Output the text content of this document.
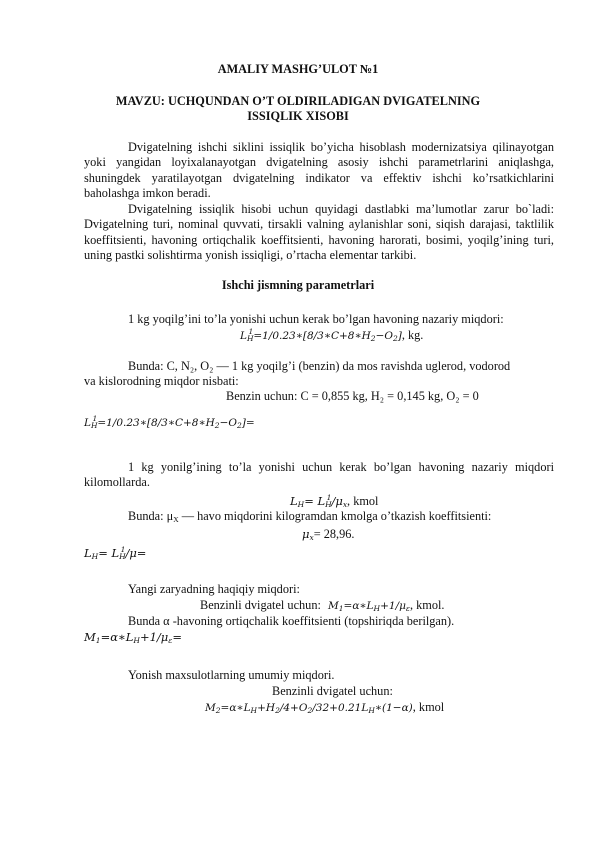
AMALIY MASHG’ULOT №1
MAVZU: UCHQUNDAN O’T OLDIRILADIGAN DVIGATELNING
ISSIQLIK XISOBI
Dvigatelning ishchi siklini issiqlik bo’yicha hisoblash modernizatsiya qilinayotgan yoki yangidan loyixalanayotgan dvigatelning asosiy ishchi parametrlarini aniqlashga, shuningdek yaratilayotgan dvigatelning indikator va effektiv ishchi ko’rsatkichlarini baholashga imkon beradi.
Dvigatelning issiqlik hisobi uchun quyidagi dastlabki ma’lumotlar zarur bo`ladi: Dvigatelning turi, nominal quvvati, tirsakli valning aylanishlar soni, siqish darajasi, taktlilik koeffitsienti, havoning ortiqchalik koeffitsienti, havoning harorati, bosimi, yoqilg’ining turi, uning pastki solishtirma yonish issiqligi, o’rtacha elementar tarkibi.
Ishchi jismning parametrlari
1 kg yoqilg’ini to’la yonishi uchun kerak bo’lgan havoning nazariy miqdori:
$L_H^1=1/0.23∗[8/3∗C+8∗H_2-O_2]$, kg.
Bunda: C, N₂, O₂ — 1 kg yoqilg’i (benzin) da mos ravishda uglerod, vodorod
va kislorodning miqdor nisbati:
Benzin uchun: C = 0,855 kg, H₂ = 0,145 kg, O₂ = 0
$L_H^1=1/0.23∗[8/3∗C+8∗H_2-O_2]=$
1 kg yonilg’ining to’la yonishi uchun kerak bo’lgan havoning nazariy miqdori kilomollarda.
$L_H= L_H^1/\mu_x$, kmol
Bunda: $\mu_X$ — havo miqdorini kilogramdan kmolga o’tkazish koeffitsienti:
$\mu_x= 28,96$.
$L_H= L_H^1/\mu=$
Yangi zaryadning haqiqiy miqdori:
Benzinli dvigatel uchun: $M_1=\alpha∗L_H+1/\mu_\varepsilon$, kmol.
Bunda α -havoning ortiqchalik koeffitsienti (topshiriqda berilgan).
$M_1=\alpha∗L_H+1/\mu_\varepsilon=$
Yonish maxsulotlarning umumiy miqdori.
Benzinli dvigatel uchun:
$M_2=\alpha∗L_H+H_2/4+O_2/32+0.21L_H∗(1-\alpha)$, kmol
